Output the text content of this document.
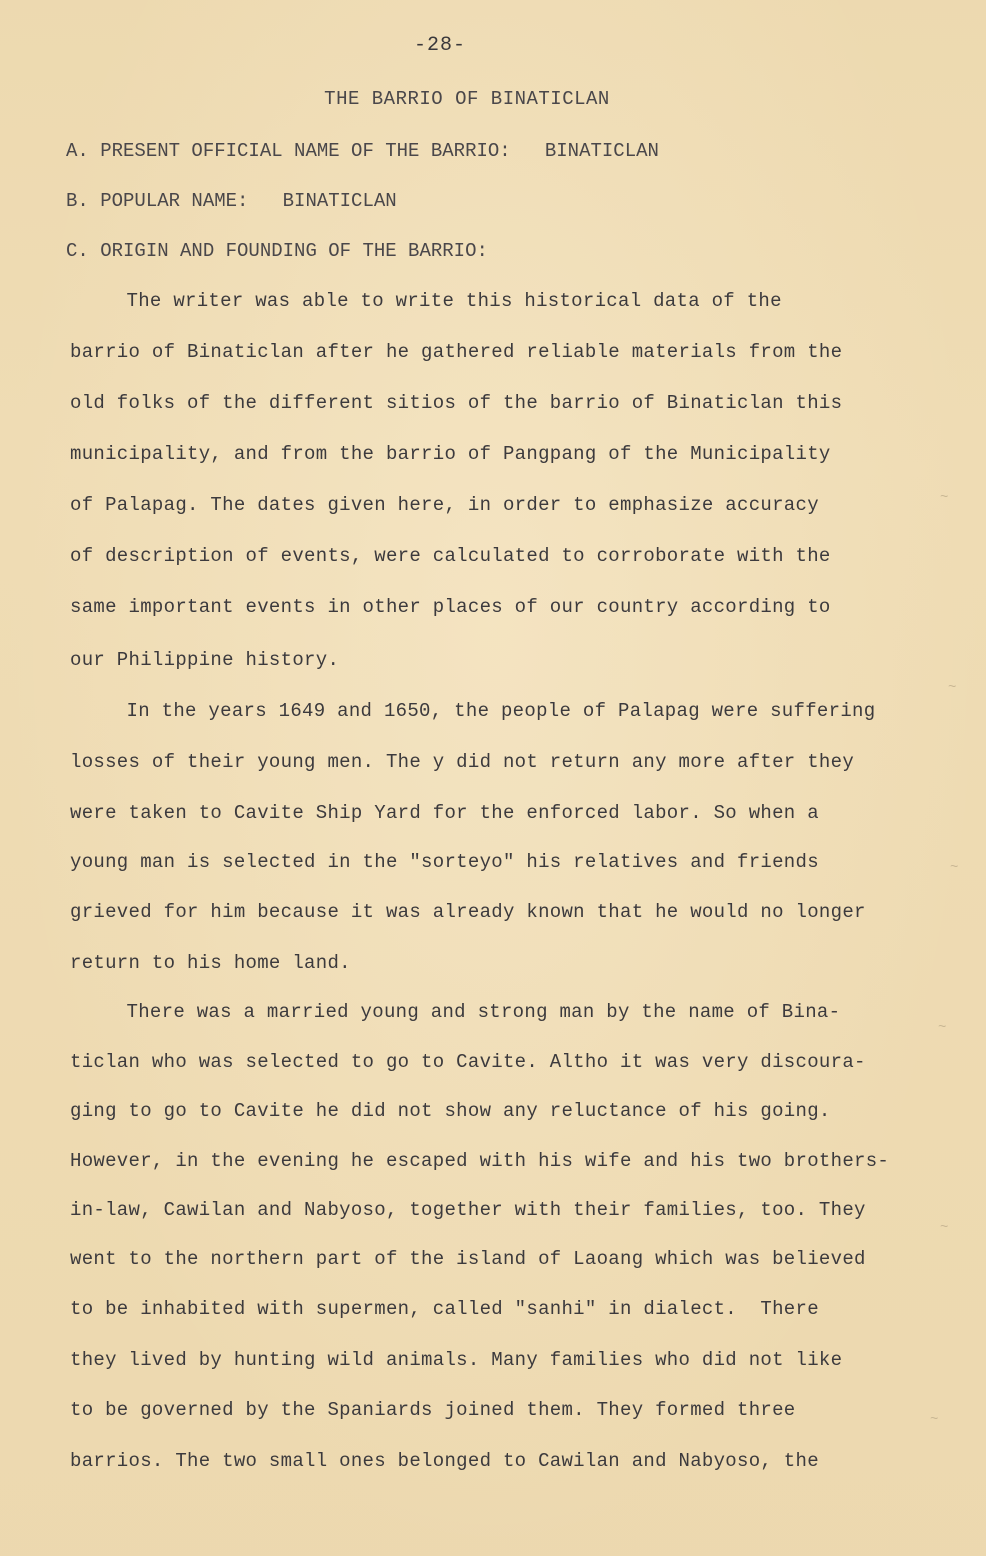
-28-
THE BARRIO OF BINATICLAN
A. PRESENT OFFICIAL NAME OF THE BARRIO:   BINATICLAN
B. POPULAR NAME:   BINATICLAN
C. ORIGIN AND FOUNDING OF THE BARRIO:
The writer was able to write this historical data of the
barrio of Binaticlan after he gathered reliable materials from the
old folks of the different sitios of the barrio of Binaticlan this
municipality, and from the barrio of Pangpang of the Municipality
of Palapag. The dates given here, in order to emphasize accuracy
of description of events, were calculated to corroborate with the
same important events in other places of our country according to
our Philippine history.
In the years 1649 and 1650, the people of Palapag were suffering
losses of their young men. The y did not return any more after they
were taken to Cavite Ship Yard for the enforced labor. So when a
young man is selected in the "sorteyo" his relatives and friends
grieved for him because it was already known that he would no longer
return to his home land.
There was a married young and strong man by the name of Bina-
ticlan who was selected to go to Cavite. Altho it was very discoura-
ging to go to Cavite he did not show any reluctance of his going.
However, in the evening he escaped with his wife and his two brothers-
in-law, Cawilan and Nabyoso, together with their families, too. They
went to the northern part of the island of Laoang which was believed
to be inhabited with supermen, called "sanhi" in dialect.  There
they lived by hunting wild animals. Many families who did not like
to be governed by the Spaniards joined them. They formed three
barrios. The two small ones belonged to Cawilan and Nabyoso, the
~
~
~
~
~
~
